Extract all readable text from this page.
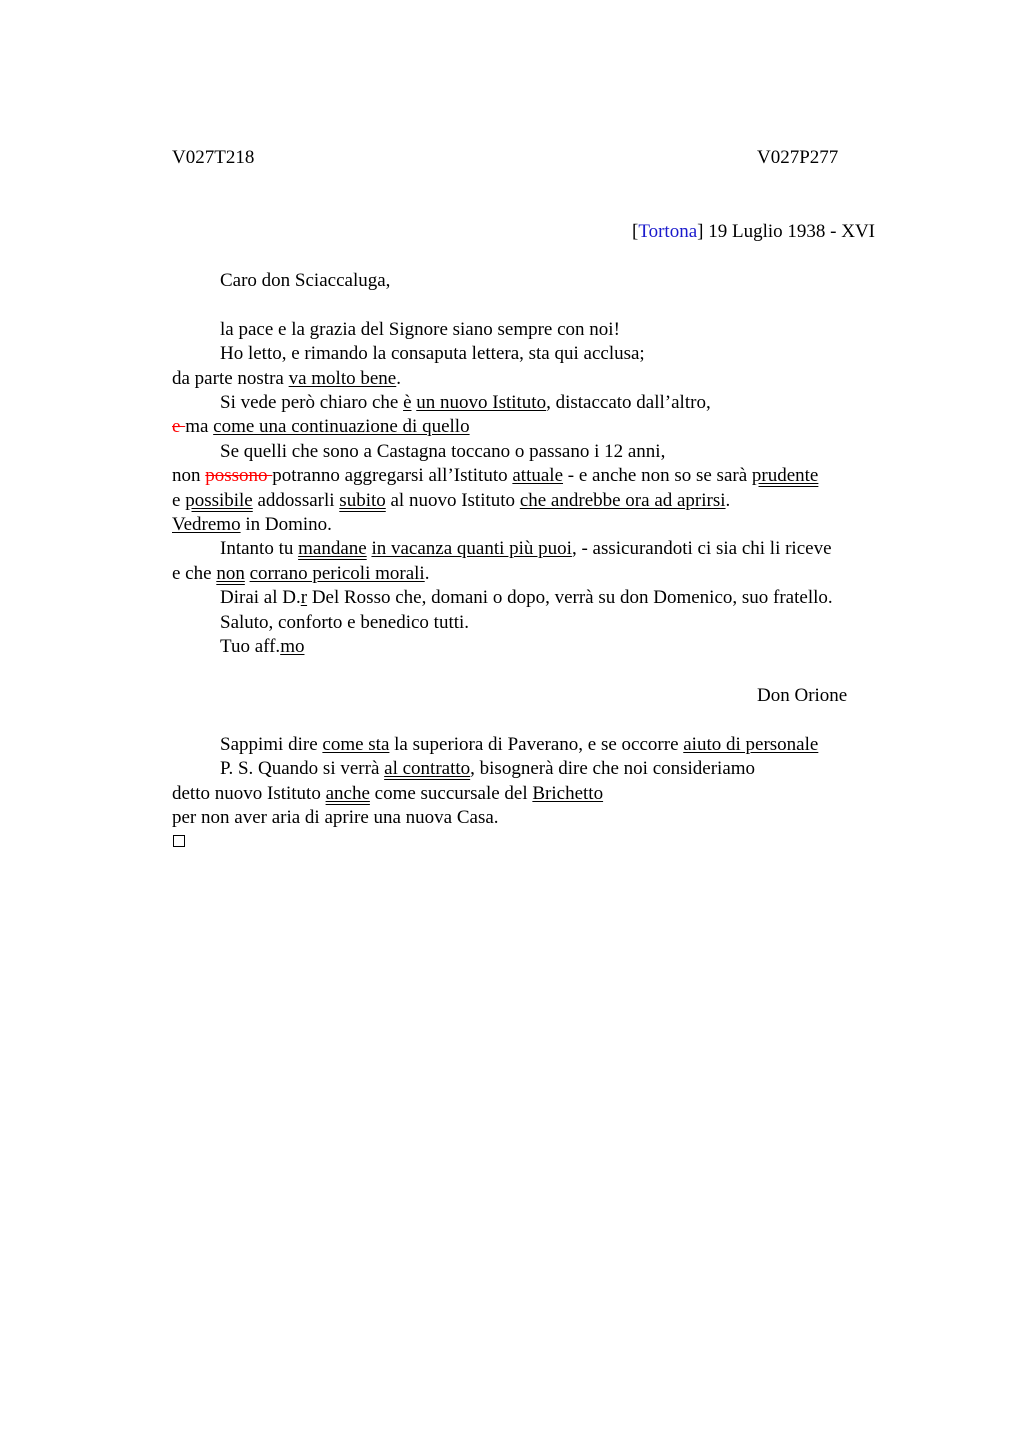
V027T218	V027P277
[Tortona] 19 Luglio 1938 - XVI
Caro don Sciaccaluga,
la pace e la grazia del Signore siano sempre con noi!
Ho letto, e rimando la consaputa lettera, sta qui acclusa;
da parte nostra va molto bene.
Si vede però chiaro che è un nuovo Istituto, distaccato dall’altro,
e ma come una continuazione di quello
Se quelli che sono a Castagna toccano o passano i 12 anni,
non possono potranno aggregarsi all’Istituto attuale - e anche non so se sarà prudente
e possibile addossarli subito al nuovo Istituto che andrebbe ora ad aprirsi.
Vedremo in Domino.
Intanto tu mandane in vacanza quanti più puoi, - assicurandoti ci sia chi li riceve
e che non corrano pericoli morali.
Dirai al D.r Del Rosso che, domani o dopo, verrà su don Domenico, suo fratello.
Saluto, conforto e benedico tutti.
Tuo aff.mo
Don Orione
Sappimi dire come sta la superiora di Paverano, e se occorre aiuto di personale
P. S. Quando si verrà al contratto, bisognerà dire che noi consideriamo
detto nuovo Istituto anche come succursale del Brichetto
per non aver aria di aprire una nuova Casa.
